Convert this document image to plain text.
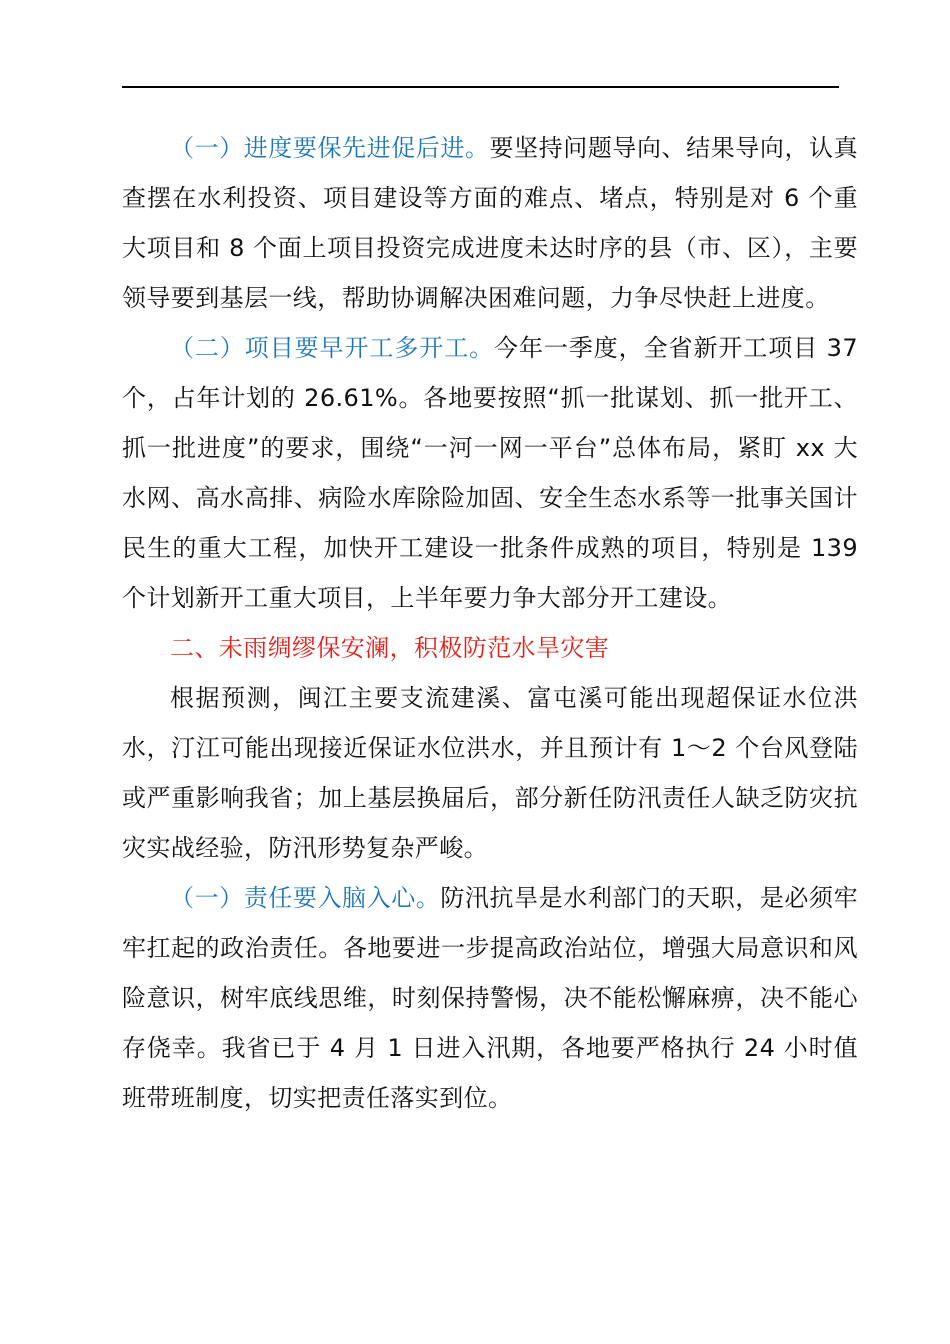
（一）进度要保先进促后进。要坚持问题导向、结果导向，认真查摆在水利投资、项目建设等方面的难点、堵点，特别是对 6 个重大项目和 8 个面上项目投资完成进度未达时序的县（市、区），主要领导要到基层一线，帮助协调解决困难问题，力争尽快赶上进度。

（二）项目要早开工多开工。今年一季度，全省新开工项目 37 个，占年计划的 26.61%。各地要按照“抓一批谋划、抓一批开工、抓一批进度”的要求，围绕“一河一网一平台”总体布局，紧盯 xx 大水网、高水高排、病险水库除险加固、安全生态水系等一批事关国计民生的重大工程，加快开工建设一批条件成熟的项目，特别是 139 个计划新开工重大项目，上半年要力争大部分开工建设。

二、未雨绸缪保安澜，积极防范水旱灾害

根据预测，闽江主要支流建溪、富屯溪可能出现超保证水位洪水，汀江可能出现接近保证水位洪水，并且预计有 1～2 个台风登陆或严重影响我省；加上基层换届后，部分新任防汛责任人缺乏防灾抗灾实战经验，防汛形势复杂严峻。

（一）责任要入脑入心。防汛抗旱是水利部门的天职，是必须牢牢扛起的政治责任。各地要进一步提高政治站位，增强大局意识和风险意识，树牢底线思维，时刻保持警惕，决不能松懈麻痹，决不能心存侥幸。我省已于 4 月 1 日进入汛期，各地要严格执行 24 小时值班带班制度，切实把责任落实到位。
